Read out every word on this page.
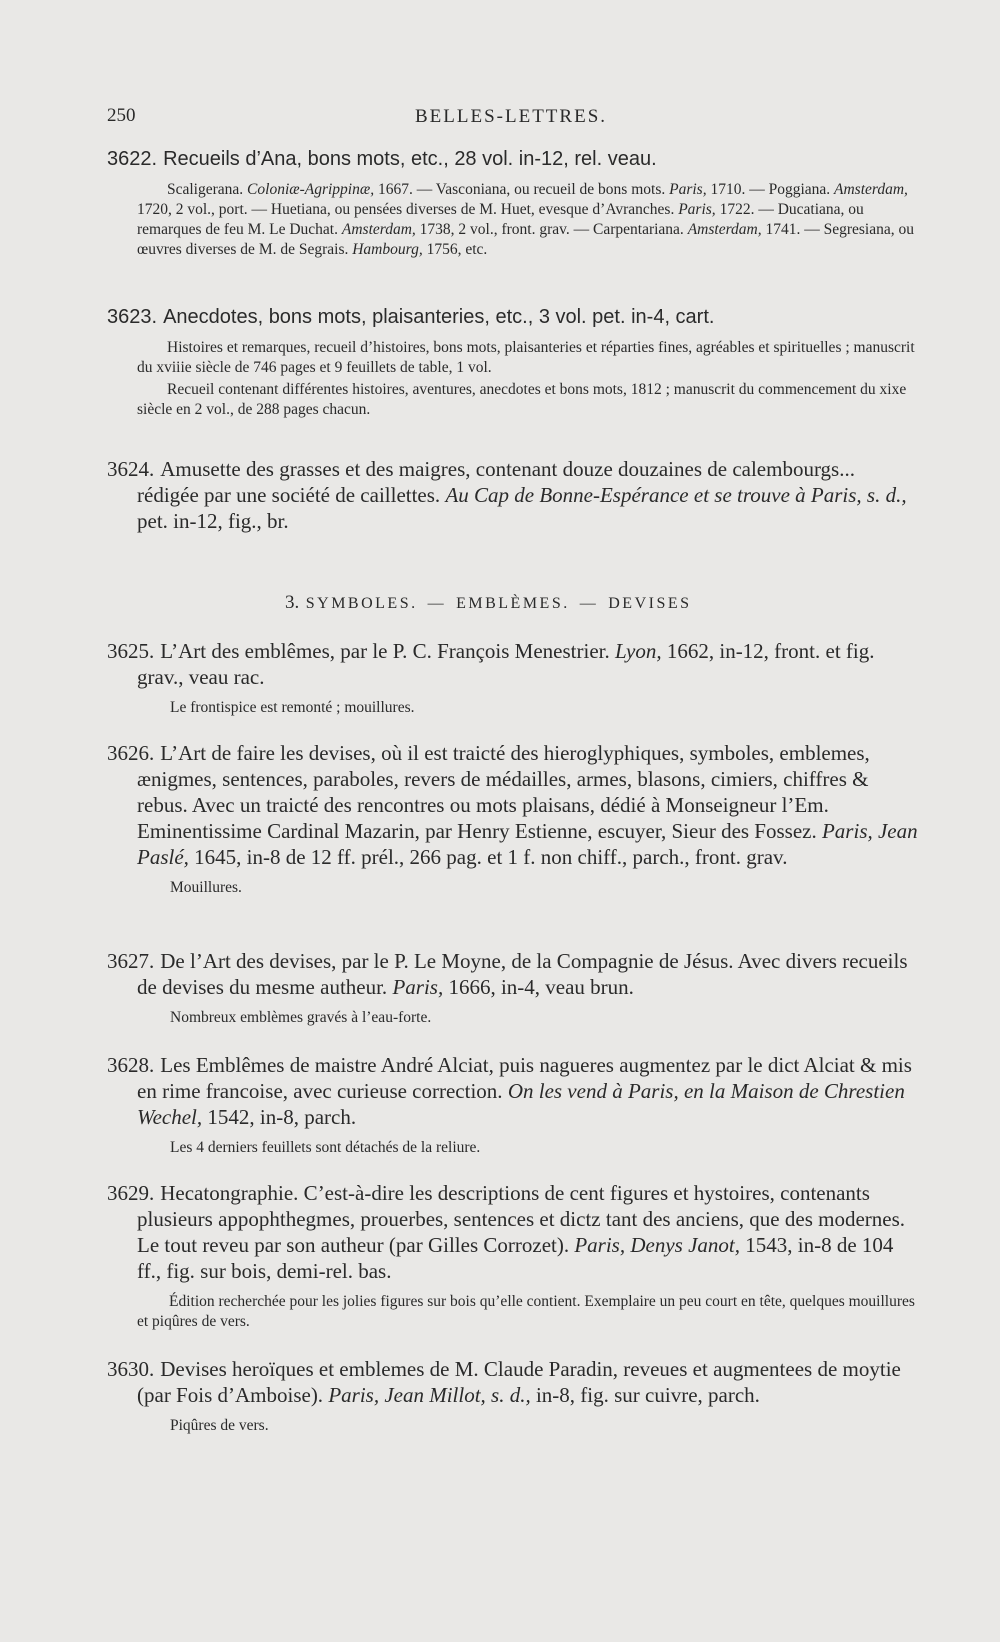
250	BELLES-LETTRES.

3622. Recueils d’Ana, bons mots, etc., 28 vol. in-12, rel. veau.

Scaligerana. Coloniæ-Agrippinæ, 1667. — Vasconiana, ou recueil de bons mots. Paris, 1710. — Poggiana. Amsterdam, 1720, 2 vol., port. — Huetiana, ou pensées diverses de M. Huet, evesque d’Avranches. Paris, 1722. — Ducatiana, ou remarques de feu M. Le Duchat. Amsterdam, 1738, 2 vol., front. grav. — Carpentariana. Amsterdam, 1741. — Segresiana, ou œuvres diverses de M. de Segrais. Hambourg, 1756, etc.

3623. Anecdotes, bons mots, plaisanteries, etc., 3 vol. pet. in-4, cart.

Histoires et remarques, recueil d’histoires, bons mots, plaisanteries et réparties fines, agréables et spirituelles ; manuscrit du xviiie siècle de 746 pages et 9 feuillets de table, 1 vol.

Recueil contenant différentes histoires, aventures, anecdotes et bons mots, 1812 ; manuscrit du commencement du xixe siècle en 2 vol., de 288 pages chacun.

3624. Amusette des grasses et des maigres, contenant douze douzaines de calembourgs... rédigée par une société de caillettes. Au Cap de Bonne-Espérance et se trouve à Paris, s. d., pet. in-12, fig., br.

3. SYMBOLES. — EMBLÈMES. — DEVISES

3625. L’Art des emblêmes, par le P. C. François Menestrier. Lyon, 1662, in-12, front. et fig. grav., veau rac.

Le frontispice est remonté ; mouillures.

3626. L’Art de faire les devises, où il est traicté des hieroglyphiques, symboles, emblemes, ænigmes, sentences, paraboles, revers de médailles, armes, blasons, cimiers, chiffres & rebus. Avec un traicté des rencontres ou mots plaisans, dédié à Monseigneur l’Em. Eminentissime Cardinal Mazarin, par Henry Estienne, escuyer, Sieur des Fossez. Paris, Jean Paslé, 1645, in-8 de 12 ff. prél., 266 pag. et 1 f. non chiff., parch., front. grav.

Mouillures.

3627. De l’Art des devises, par le P. Le Moyne, de la Compagnie de Jésus. Avec divers recueils de devises du mesme autheur. Paris, 1666, in-4, veau brun.

Nombreux emblèmes gravés à l’eau-forte.

3628. Les Emblêmes de maistre André Alciat, puis nagueres augmentez par le dict Alciat & mis en rime francoise, avec curieuse correction. On les vend à Paris, en la Maison de Chrestien Wechel, 1542, in-8, parch.

Les 4 derniers feuillets sont détachés de la reliure.

3629. Hecatongraphie. C’est-à-dire les descriptions de cent figures et hystoires, contenants plusieurs appophthegmes, prouerbes, sentences et dictz tant des anciens, que des modernes. Le tout reveu par son autheur (par Gilles Corrozet). Paris, Denys Janot, 1543, in-8 de 104 ff., fig. sur bois, demi-rel. bas.

Édition recherchée pour les jolies figures sur bois qu’elle contient. Exemplaire un peu court en tête, quelques mouillures et piqûres de vers.

3630. Devises heroïques et emblemes de M. Claude Paradin, reveues et augmentees de moytie (par Fois d’Amboise). Paris, Jean Millot, s. d., in-8, fig. sur cuivre, parch.

Piqûres de vers.
